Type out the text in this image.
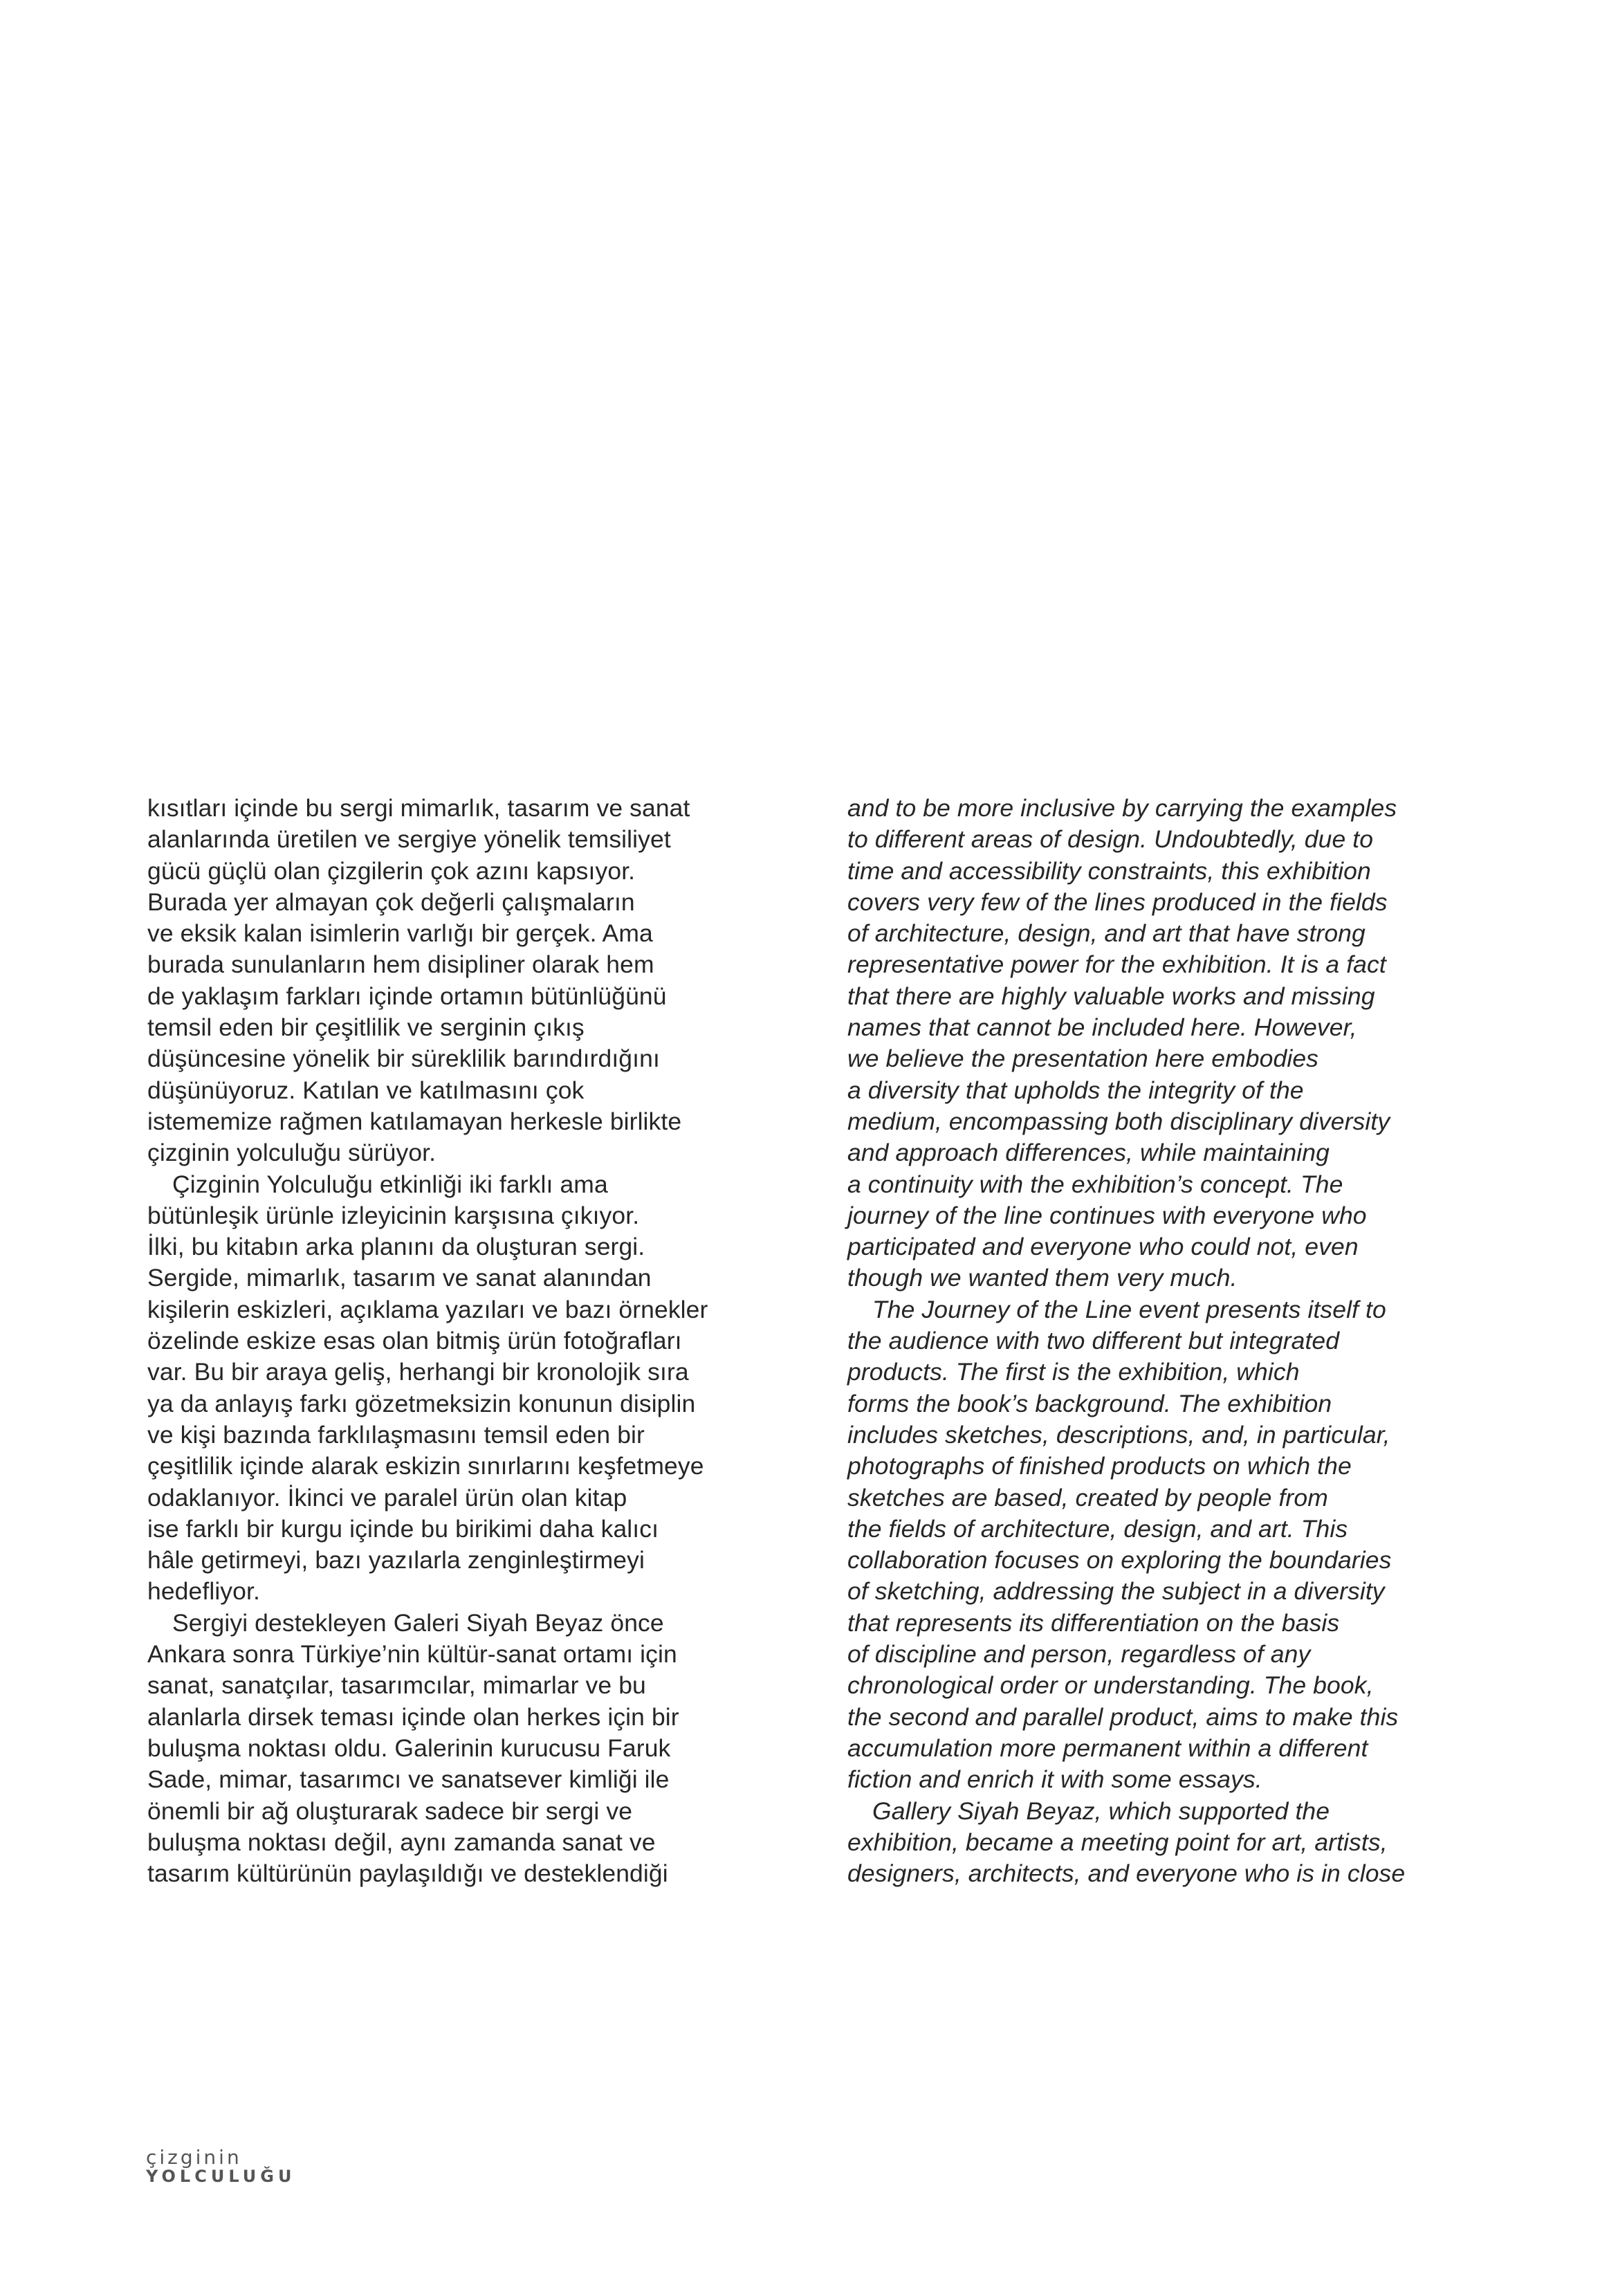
kısıtları içinde bu sergi mimarlık, tasarım ve sanat
alanlarında üretilen ve sergiye yönelik temsiliyet
gücü güçlü olan çizgilerin çok azını kapsıyor.
Burada yer almayan çok değerli çalışmaların
ve eksik kalan isimlerin varlığı bir gerçek. Ama
burada sunulanların hem disipliner olarak hem
de yaklaşım farkları içinde ortamın bütünlüğünü
temsil eden bir çeşitlilik ve serginin çıkış
düşüncesine yönelik bir süreklilik barındırdığını
düşünüyoruz. Katılan ve katılmasını çok
istememize rağmen katılamayan herkesle birlikte
çizginin yolculuğu sürüyor.
Çizginin Yolculuğu etkinliği iki farklı ama
bütünleşik ürünle izleyicinin karşısına çıkıyor.
İlki, bu kitabın arka planını da oluşturan sergi.
Sergide, mimarlık, tasarım ve sanat alanından
kişilerin eskizleri, açıklama yazıları ve bazı örnekler
özelinde eskize esas olan bitmiş ürün fotoğrafları
var. Bu bir araya geliş, herhangi bir kronolojik sıra
ya da anlayış farkı gözetmeksizin konunun disiplin
ve kişi bazında farklılaşmasını temsil eden bir
çeşitlilik içinde alarak eskizin sınırlarını keşfetmeye
odaklanıyor. İkinci ve paralel ürün olan kitap
ise farklı bir kurgu içinde bu birikimi daha kalıcı
hâle getirmeyi, bazı yazılarla zenginleştirmeyi
hedefliyor.
Sergiyi destekleyen Galeri Siyah Beyaz önce
Ankara sonra Türkiye’nin kültür-sanat ortamı için
sanat, sanatçılar, tasarımcılar, mimarlar ve bu
alanlarla dirsek teması içinde olan herkes için bir
buluşma noktası oldu. Galerinin kurucusu Faruk
Sade, mimar, tasarımcı ve sanatsever kimliği ile
önemli bir ağ oluşturarak sadece bir sergi ve
buluşma noktası değil, aynı zamanda sanat ve
tasarım kültürünün paylaşıldığı ve desteklendiği
and to be more inclusive by carrying the examples
to different areas of design. Undoubtedly, due to
time and accessibility constraints, this exhibition
covers very few of the lines produced in the fields
of architecture, design, and art that have strong
representative power for the exhibition. It is a fact
that there are highly valuable works and missing
names that cannot be included here. However,
we believe the presentation here embodies
a diversity that upholds the integrity of the
medium, encompassing both disciplinary diversity
and approach differences, while maintaining
a continuity with the exhibition’s concept. The
journey of the line continues with everyone who
participated and everyone who could not, even
though we wanted them very much.
The Journey of the Line event presents itself to
the audience with two different but integrated
products. The first is the exhibition, which
forms the book’s background. The exhibition
includes sketches, descriptions, and, in particular,
photographs of finished products on which the
sketches are based, created by people from
the fields of architecture, design, and art. This
collaboration focuses on exploring the boundaries
of sketching, addressing the subject in a diversity
that represents its differentiation on the basis
of discipline and person, regardless of any
chronological order or understanding. The book,
the second and parallel product, aims to make this
accumulation more permanent within a different
fiction and enrich it with some essays.
Gallery Siyah Beyaz, which supported the
exhibition, became a meeting point for art, artists,
designers, architects, and everyone who is in close
çizginin
YOLCULUĞU
